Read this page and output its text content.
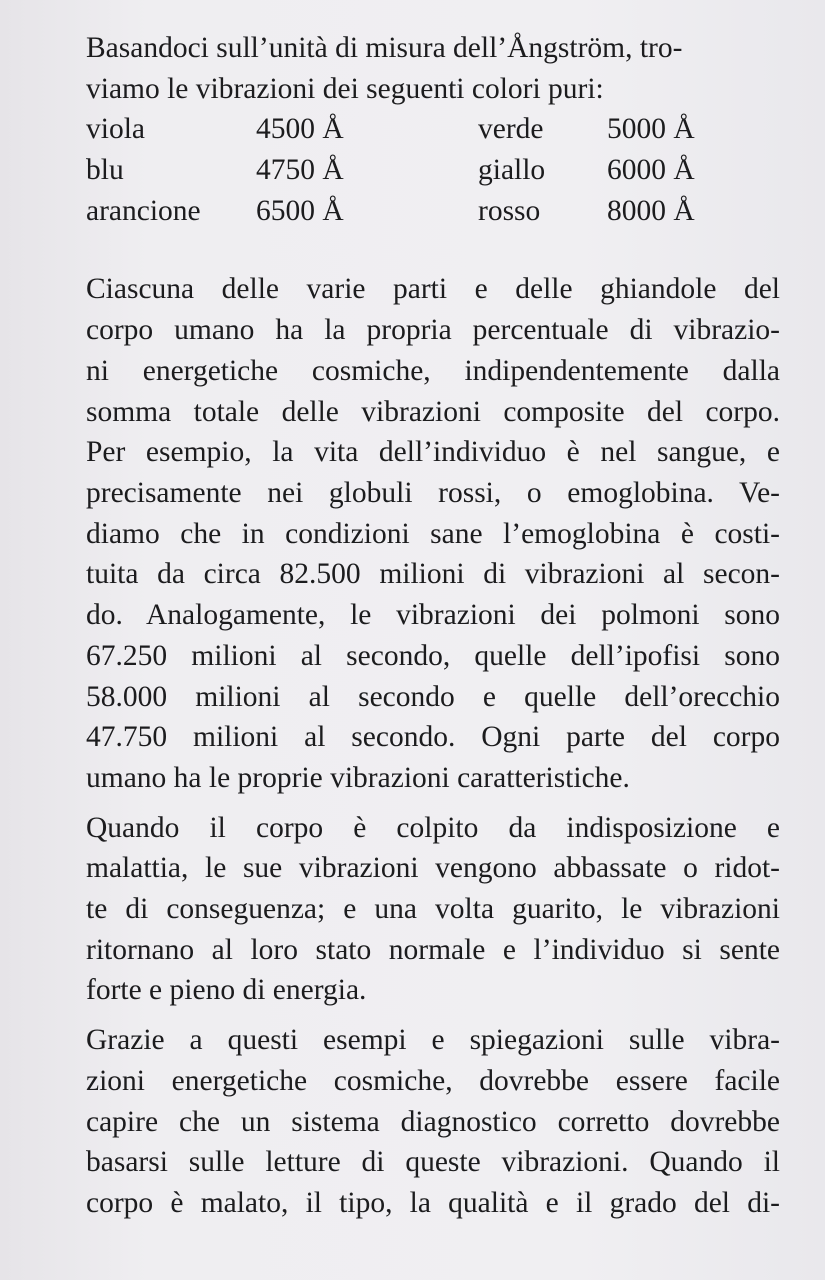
Basandoci sull’unità di misura dell’Ångström, tro-
viamo le vibrazioni dei seguenti colori puri:
viola	4500 Å	verde 5000 Å
blu	4750 Å	giallo 6000 Å
arancione 6500 Å	rosso 8000 Å
Ciascuna delle varie parti e delle ghiandole del
corpo umano ha la propria percentuale di vibrazio-
ni energetiche cosmiche, indipendentemente dalla
somma totale delle vibrazioni composite del corpo.
Per esempio, la vita dell’individuo è nel sangue, e
precisamente nei globuli rossi, o emoglobina. Ve-
diamo che in condizioni sane l’emoglobina è costi-
tuita da circa 82.500 milioni di vibrazioni al secon-
do. Analogamente, le vibrazioni dei polmoni sono
67.250 milioni al secondo, quelle dell’ipofisi sono
58.000 milioni al secondo e quelle dell’orecchio
47.750 milioni al secondo. Ogni parte del corpo
umano ha le proprie vibrazioni caratteristiche.
Quando il corpo è colpito da indisposizione e
malattia, le sue vibrazioni vengono abbassate o ridot-
te di conseguenza; e una volta guarito, le vibrazioni
ritornano al loro stato normale e l’individuo si sente
forte e pieno di energia.
Grazie a questi esempi e spiegazioni sulle vibra-
zioni energetiche cosmiche, dovrebbe essere facile
capire che un sistema diagnostico corretto dovrebbe
basarsi sulle letture di queste vibrazioni. Quando il
corpo è malato, il tipo, la qualità e il grado del di-
